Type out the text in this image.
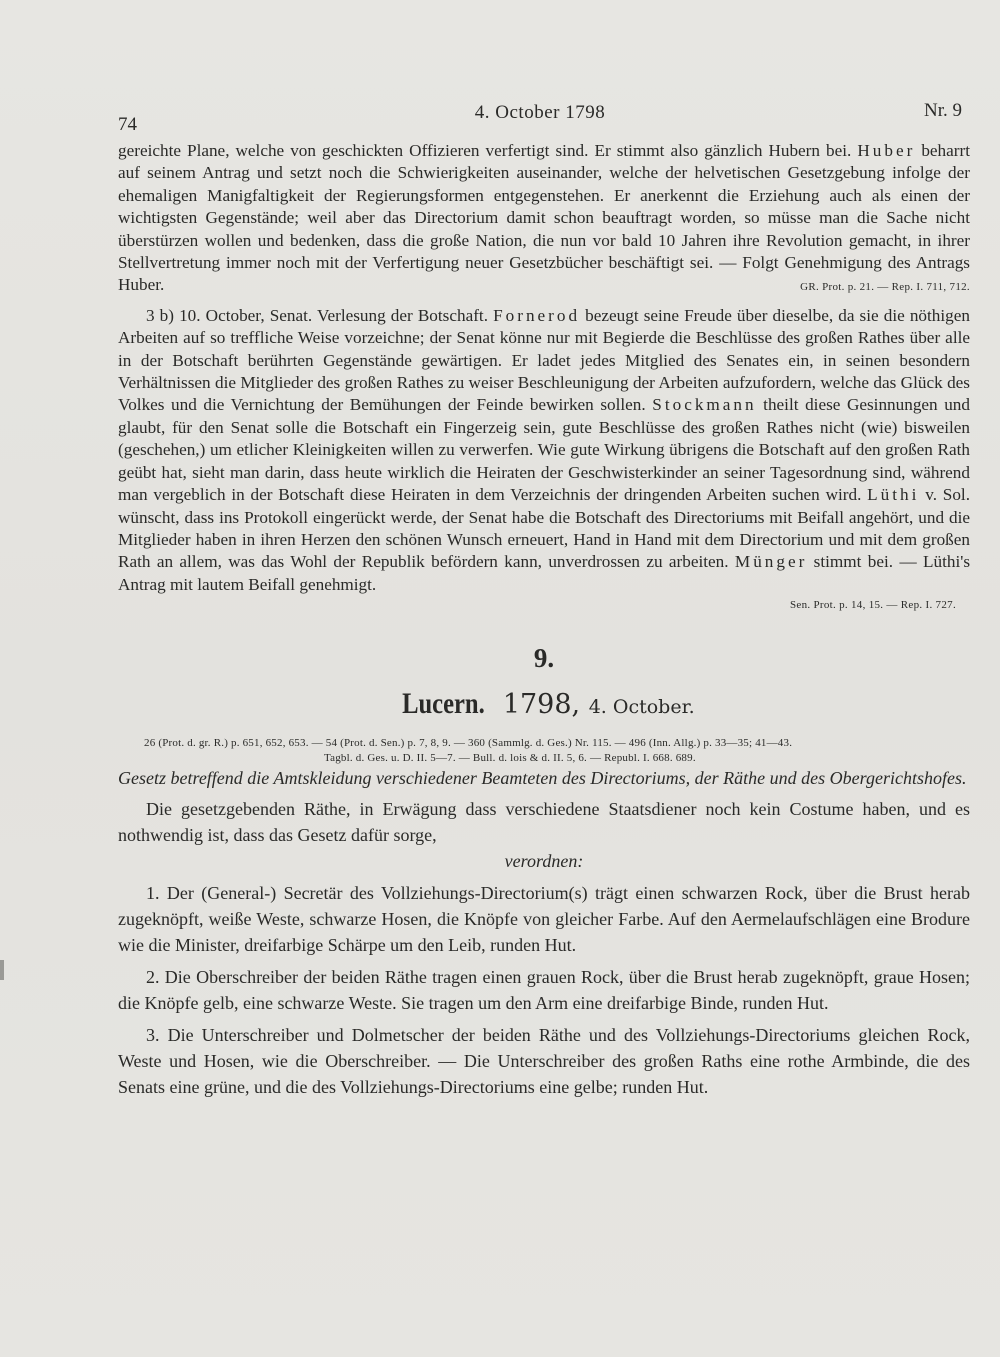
74
4. October 1798	Nr. 9

gereichte Plane, welche von geschickten Offizieren verfertigt sind. Er stimmt also gänzlich Hubern bei. Huber beharrt auf seinem Antrag und setzt noch die Schwierigkeiten auseinander, welche der helvetischen Gesetzgebung infolge der ehemaligen Manigfaltigkeit der Regierungsformen entgegenstehen. Er anerkennt die Erziehung auch als einen der wichtigsten Gegenstände; weil aber das Directorium damit schon beauftragt worden, so müsse man die Sache nicht überstürzen wollen und bedenken, dass die große Nation, die nun vor bald 10 Jahren ihre Revolution gemacht, in ihrer Stellvertretung immer noch mit der Verfertigung neuer Gesetzbücher beschäftigt sei. — Folgt Genehmigung des Antrags Huber.	GR. Prot. p. 21. — Rep. I. 711, 712.

3 b) 10. October, Senat. Verlesung der Botschaft. Fornerod bezeugt seine Freude über dieselbe, da sie die nöthigen Arbeiten auf so treffliche Weise vorzeichne; der Senat könne nur mit Begierde die Beschlüsse des großen Rathes über alle in der Botschaft berührten Gegenstände gewärtigen. Er ladet jedes Mitglied des Senates ein, in seinen besondern Verhältnissen die Mitglieder des großen Rathes zu weiser Beschleunigung der Arbeiten aufzufordern, welche das Glück des Volkes und die Vernichtung der Bemühungen der Feinde bewirken sollen. Stockmann theilt diese Gesinnungen und glaubt, für den Senat solle die Botschaft ein Fingerzeig sein, gute Beschlüsse des großen Rathes nicht (wie) bisweilen (geschehen,) um etlicher Kleinigkeiten willen zu verwerfen. Wie gute Wirkung übrigens die Botschaft auf den großen Rath geübt hat, sieht man darin, dass heute wirklich die Heiraten der Geschwisterkinder an seiner Tagesordnung sind, während man vergeblich in der Botschaft diese Heiraten in dem Verzeichnis der dringenden Arbeiten suchen wird. Lüthi v. Sol. wünscht, dass ins Protokoll eingerückt werde, der Senat habe die Botschaft des Directoriums mit Beifall angehört, und die Mitglieder haben in ihren Herzen den schönen Wunsch erneuert, Hand in Hand mit dem Directorium und mit dem großen Rath an allem, was das Wohl der Republik befördern kann, unverdrossen zu arbeiten. Münger stimmt bei. — Lüthi's Antrag mit lautem Beifall genehmigt.

Sen. Prot. p. 14, 15. — Rep. I. 727.
9.
Lucern. 1798, 4. October.
26 (Prot. d. gr. R.) p. 651, 652, 653. — 54 (Prot. d. Sen.) p. 7, 8, 9. — 360 (Sammlg. d. Ges.) Nr. 115. — 496 (Inn. Allg.) p. 33—35; 41—43.
Tagbl. d. Ges. u. D. II. 5—7. — Bull. d. lois & d. II. 5, 6. — Republ. I. 668. 689.

Gesetz betreffend die Amtskleidung verschiedener Beamteten des Directoriums, der Räthe und des Obergerichtshofes.

Die gesetzgebenden Räthe, in Erwägung dass verschiedene Staatsdiener noch kein Costume haben, und es nothwendig ist, dass das Gesetz dafür sorge,

verordnen:

1. Der (General-) Secretär des Vollziehungs-Directorium(s) trägt einen schwarzen Rock, über die Brust herab zugeknöpft, weiße Weste, schwarze Hosen, die Knöpfe von gleicher Farbe. Auf den Aermelaufschlägen eine Brodure wie die Minister, dreifarbige Schärpe um den Leib, runden Hut.

2. Die Oberschreiber der beiden Räthe tragen einen grauen Rock, über die Brust herab zugeknöpft, graue Hosen; die Knöpfe gelb, eine schwarze Weste. Sie tragen um den Arm eine dreifarbige Binde, runden Hut.

3. Die Unterschreiber und Dolmetscher der beiden Räthe und des Vollziehungs-Directoriums gleichen Rock, Weste und Hosen, wie die Oberschreiber. — Die Unterschreiber des großen Raths eine rothe Armbinde, die des Senats eine grüne, und die des Vollziehungs-Directoriums eine gelbe; runden Hut.
